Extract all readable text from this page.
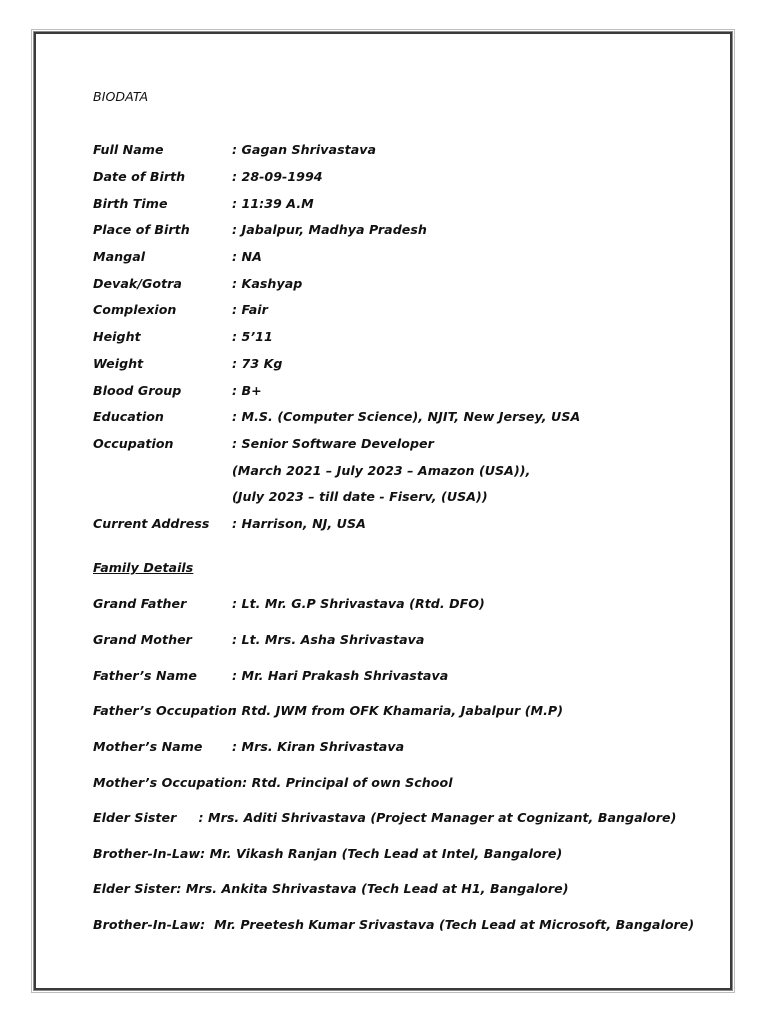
BIODATA
Full Name	: Gagan Shrivastava
Date of Birth	: 28-09-1994
Birth Time	: 11:39 A.M
Place of Birth	: Jabalpur, Madhya Pradesh
Mangal	: NA
Devak/Gotra	: Kashyap
Complexion	: Fair
Height	: 5’11
Weight	: 73 Kg
Blood Group	: B+
Education	: M.S. (Computer Science), NJIT, New Jersey, USA
Occupation	: Senior Software Developer
(March 2021 – July 2023 – Amazon (USA)),
(July 2023 – till date - Fiserv, (USA))
Current Address : Harrison, NJ, USA
Family Details
Grand Father	: Lt. Mr. G.P Shrivastava (Rtd. DFO)
Grand Mother	: Lt. Mrs. Asha Shrivastava
Father’s Name	: Mr. Hari Prakash Shrivastava
Father’s Occupation
: Rtd. JWM from OFK Khamaria, Jabalpur (M.P)
Mother’s Name : Mrs. Kiran Shrivastava
Mother’s Occupation: Rtd. Principal of own School
Elder Sister     : Mrs. Aditi Shrivastava (Project Manager at Cognizant, Bangalore)
Brother-In-Law: Mr. Vikash Ranjan (Tech Lead at Intel, Bangalore)
Elder Sister: Mrs. Ankita Shrivastava (Tech Lead at H1, Bangalore)
Brother-In-Law:  Mr. Preetesh Kumar Srivastava (Tech Lead at Microsoft, Bangalore)
